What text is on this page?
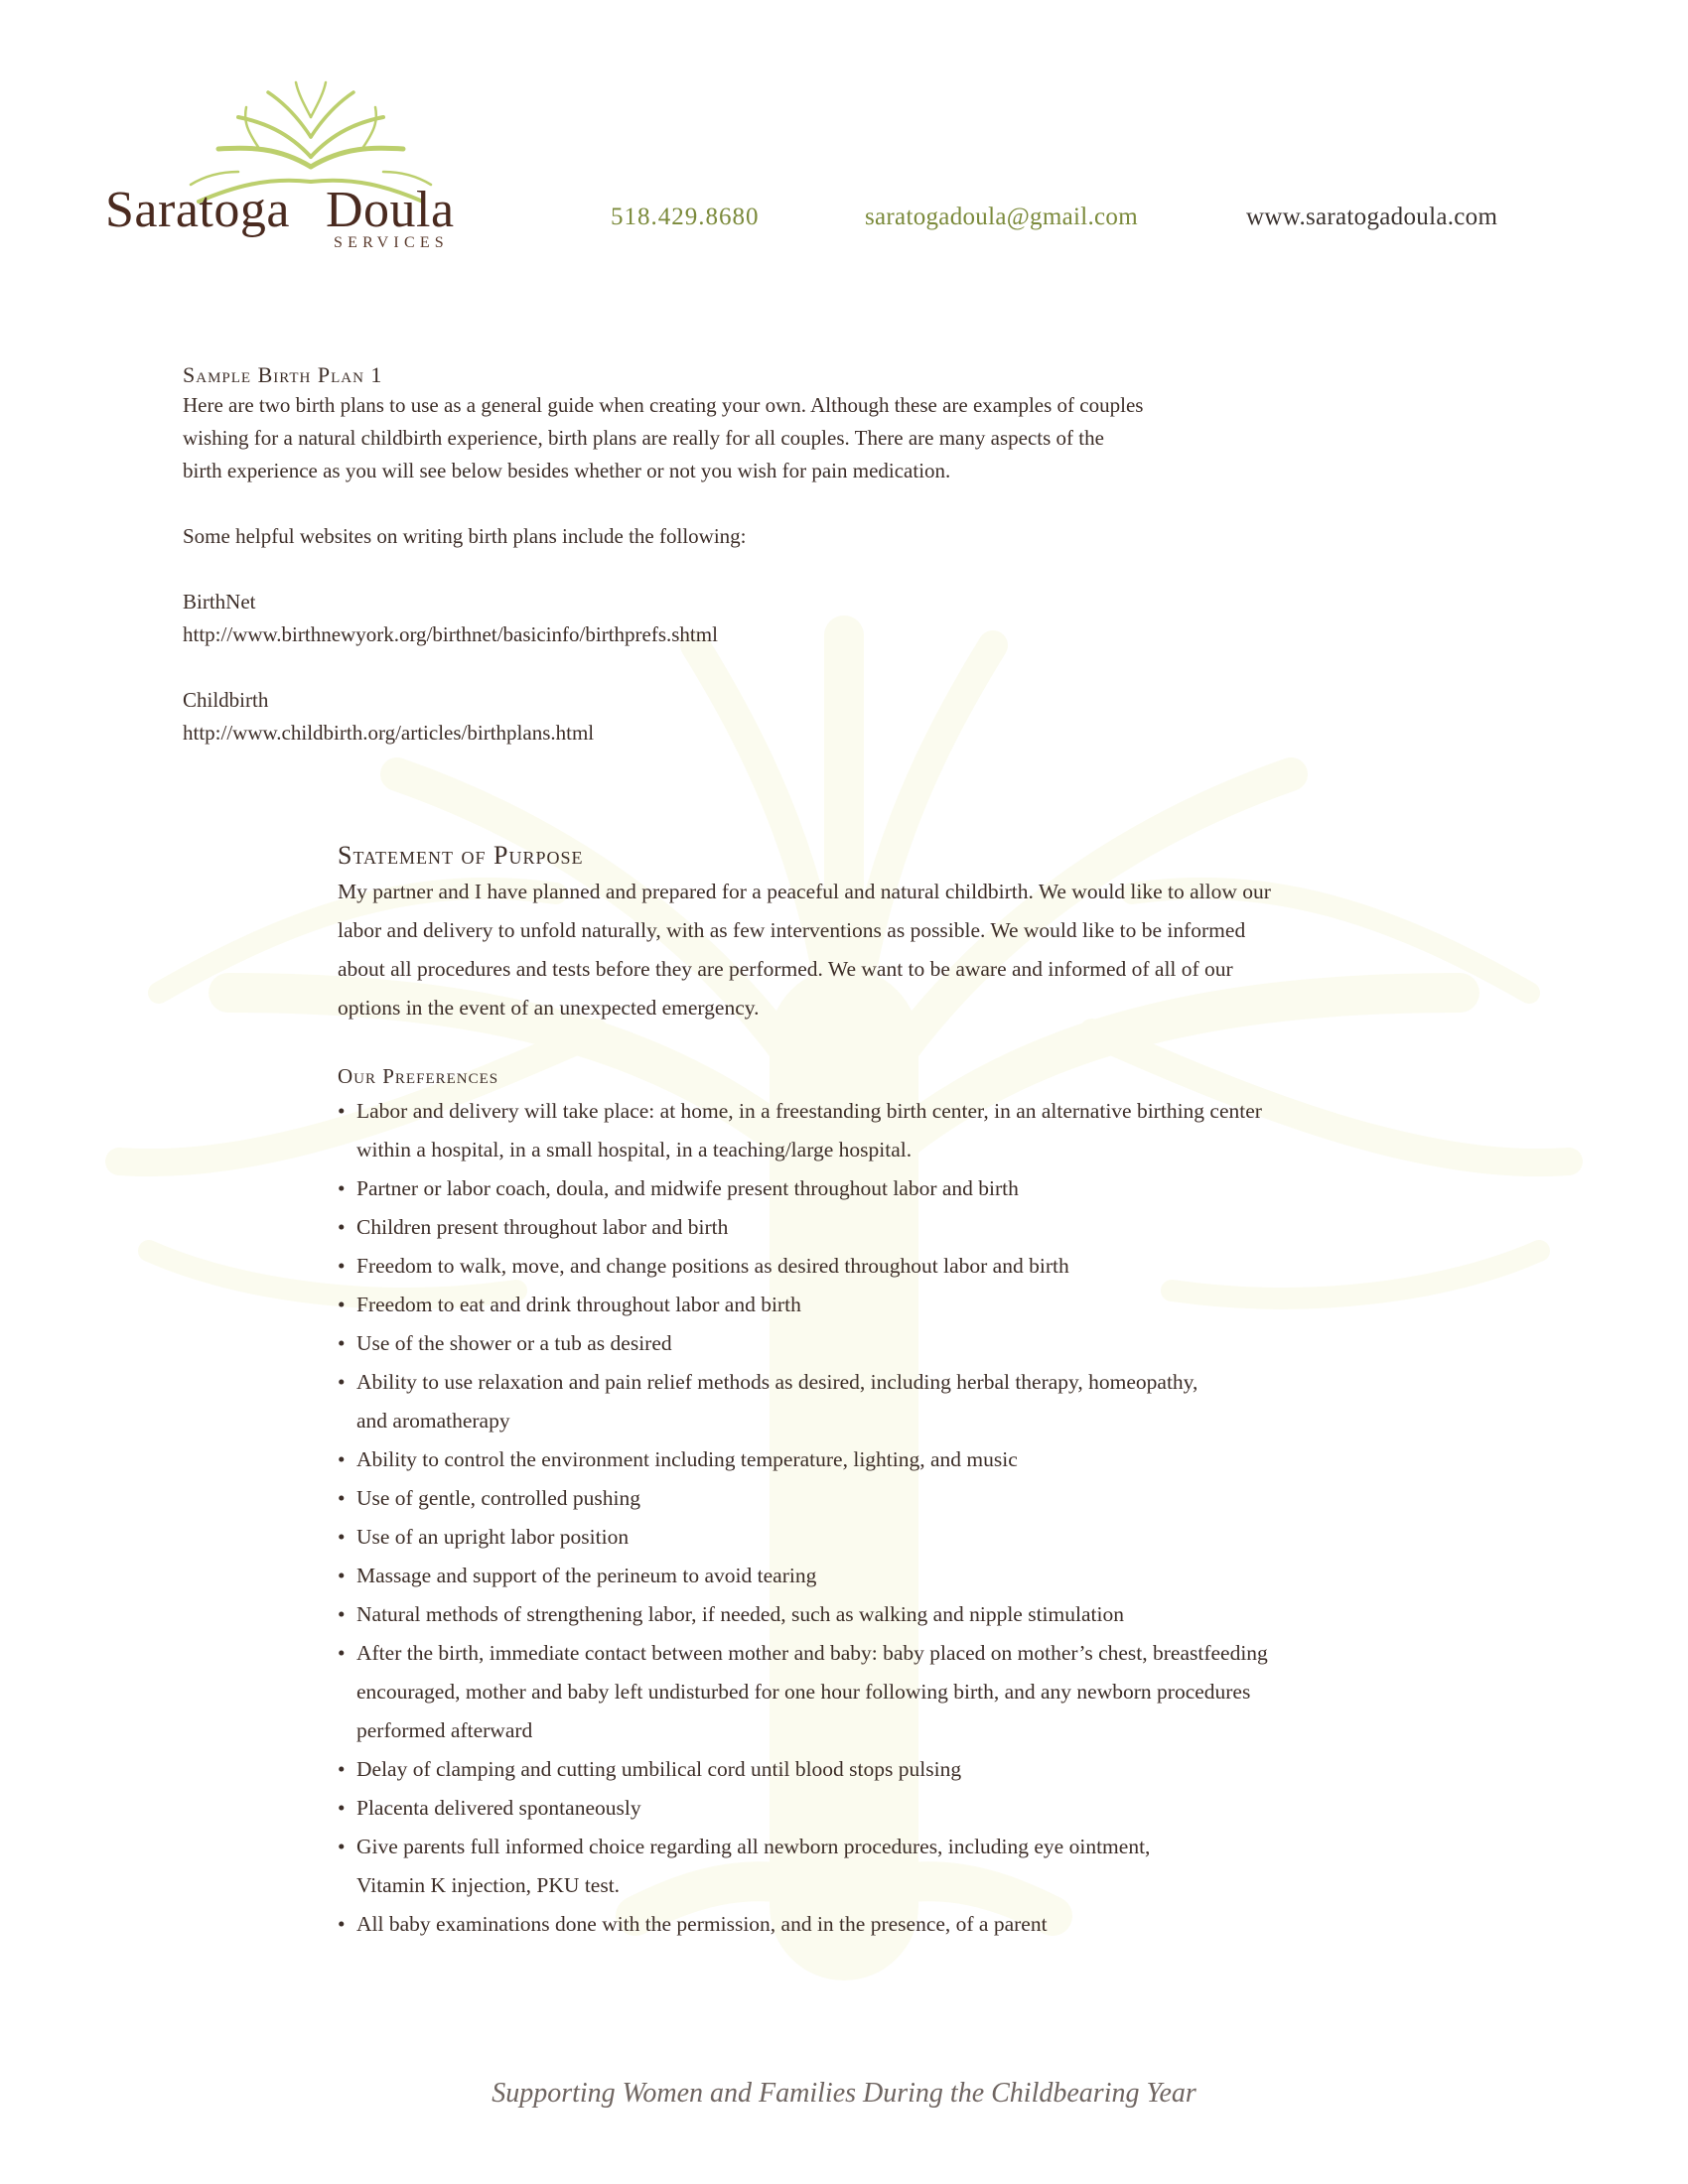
Saratoga Doula
SERVICES
518.429.8680	saratogadoula@gmail.com	www.saratogadoula.com
Sample Birth Plan 1

Here are two birth plans to use as a general guide when creating your own. Although these are examples of couples
wishing for a natural childbirth experience, birth plans are really for all couples. There are many aspects of the
birth experience as you will see below besides whether or not you wish for pain medication.

Some helpful websites on writing birth plans include the following:

BirthNet
http://www.birthnewyork.org/birthnet/basicinfo/birthprefs.shtml
Childbirth
http://www.childbirth.org/articles/birthplans.html
Statement of Purpose

My partner and I have planned and prepared for a peaceful and natural childbirth. We would like to allow our
labor and delivery to unfold naturally, with as few interventions as possible. We would like to be informed
about all procedures and tests before they are performed. We want to be aware and informed of all of our
options in the event of an unexpected emergency.

Our Preferences
• Labor and delivery will take place: at home, in a freestanding birth center, in an alternative birthing center
within a hospital, in a small hospital, in a teaching/large hospital.
• Partner or labor coach, doula, and midwife present throughout labor and birth
• Children present throughout labor and birth
• Freedom to walk, move, and change positions as desired throughout labor and birth
• Freedom to eat and drink throughout labor and birth
• Use of the shower or a tub as desired
• Ability to use relaxation and pain relief methods as desired, including herbal therapy, homeopathy,
and aromatherapy
• Ability to control the environment including temperature, lighting, and music
• Use of gentle, controlled pushing
• Use of an upright labor position
• Massage and support of the perineum to avoid tearing
• Natural methods of strengthening labor, if needed, such as walking and nipple stimulation
• After the birth, immediate contact between mother and baby: baby placed on mother’s chest, breastfeeding
encouraged, mother and baby left undisturbed for one hour following birth, and any newborn procedures
performed afterward
• Delay of clamping and cutting umbilical cord until blood stops pulsing
• Placenta delivered spontaneously
• Give parents full informed choice regarding all newborn procedures, including eye ointment,
Vitamin K injection, PKU test.
• All baby examinations done with the permission, and in the presence, of a parent
Supporting Women and Families During the Childbearing Year
